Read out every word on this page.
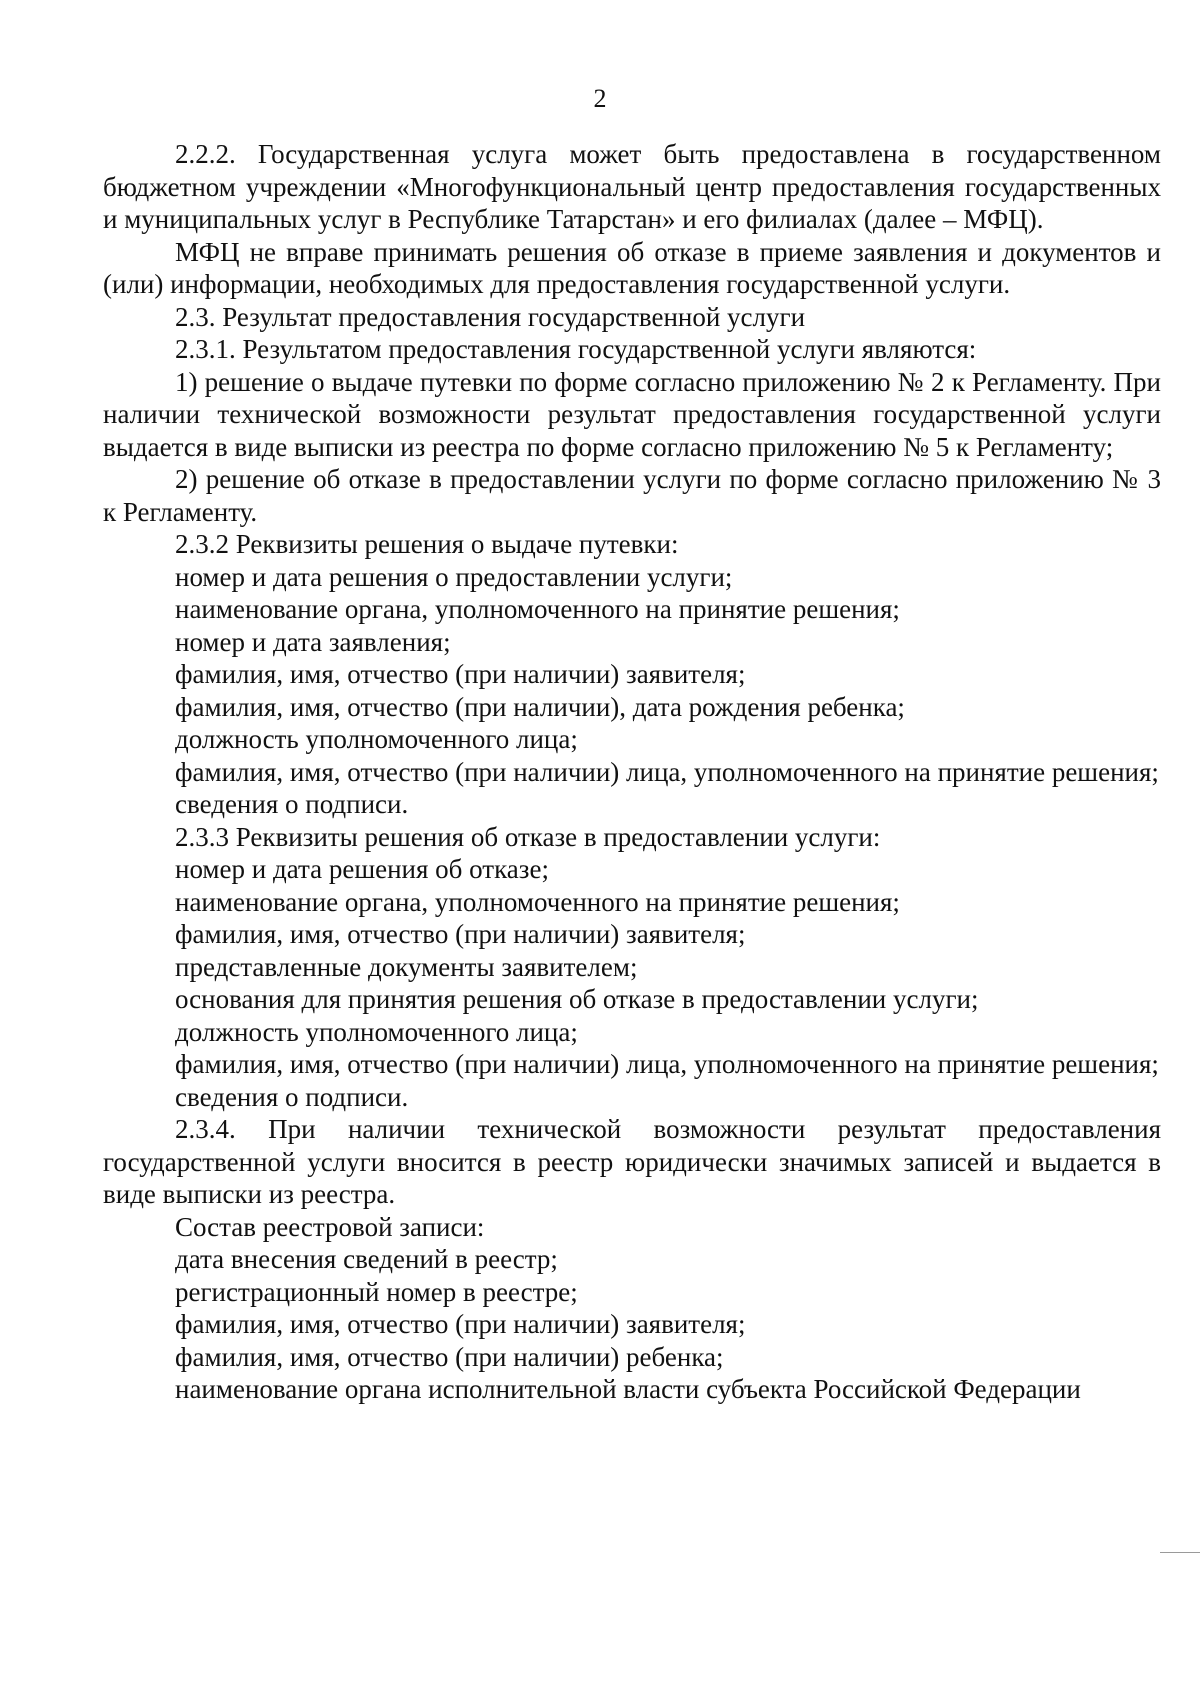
2

2.2.2. Государственная услуга может быть предоставлена в государственном бюджетном учреждении «Многофункциональный центр предоставления государственных и муниципальных услуг в Республике Татарстан» и его филиалах (далее – МФЦ).

МФЦ не вправе принимать решения об отказе в приеме заявления и документов и (или) информации, необходимых для предоставления государственной услуги.

2.3. Результат предоставления государственной услуги

2.3.1. Результатом предоставления государственной услуги являются:

1) решение о выдаче путевки по форме согласно приложению № 2 к Регламенту. При наличии технической возможности результат предоставления государственной услуги выдается в виде выписки из реестра по форме согласно приложению № 5 к Регламенту;

2) решение об отказе в предоставлении услуги по форме согласно приложению № 3 к Регламенту.

2.3.2 Реквизиты решения о выдаче путевки:

номер и дата решения о предоставлении услуги;

наименование органа, уполномоченного на принятие решения;

номер и дата заявления;

фамилия, имя, отчество (при наличии) заявителя;

фамилия, имя, отчество (при наличии), дата рождения ребенка;

должность уполномоченного лица;

фамилия, имя, отчество (при наличии) лица, уполномоченного на принятие решения;

сведения о подписи.

2.3.3 Реквизиты решения об отказе в предоставлении услуги:

номер и дата решения об отказе;

наименование органа, уполномоченного на принятие решения;

фамилия, имя, отчество (при наличии) заявителя;

представленные документы заявителем;

основания для принятия решения об отказе в предоставлении услуги;

должность уполномоченного лица;

фамилия, имя, отчество (при наличии) лица, уполномоченного на принятие решения;

сведения о подписи.

2.3.4. При наличии технической возможности результат предоставления государственной услуги вносится в реестр юридически значимых записей и выдается в виде выписки из реестра.

Состав реестровой записи:

дата внесения сведений в реестр;

регистрационный номер в реестре;

фамилия, имя, отчество (при наличии) заявителя;

фамилия, имя, отчество (при наличии) ребенка;

наименование органа исполнительной власти субъекта Российской Федерации
